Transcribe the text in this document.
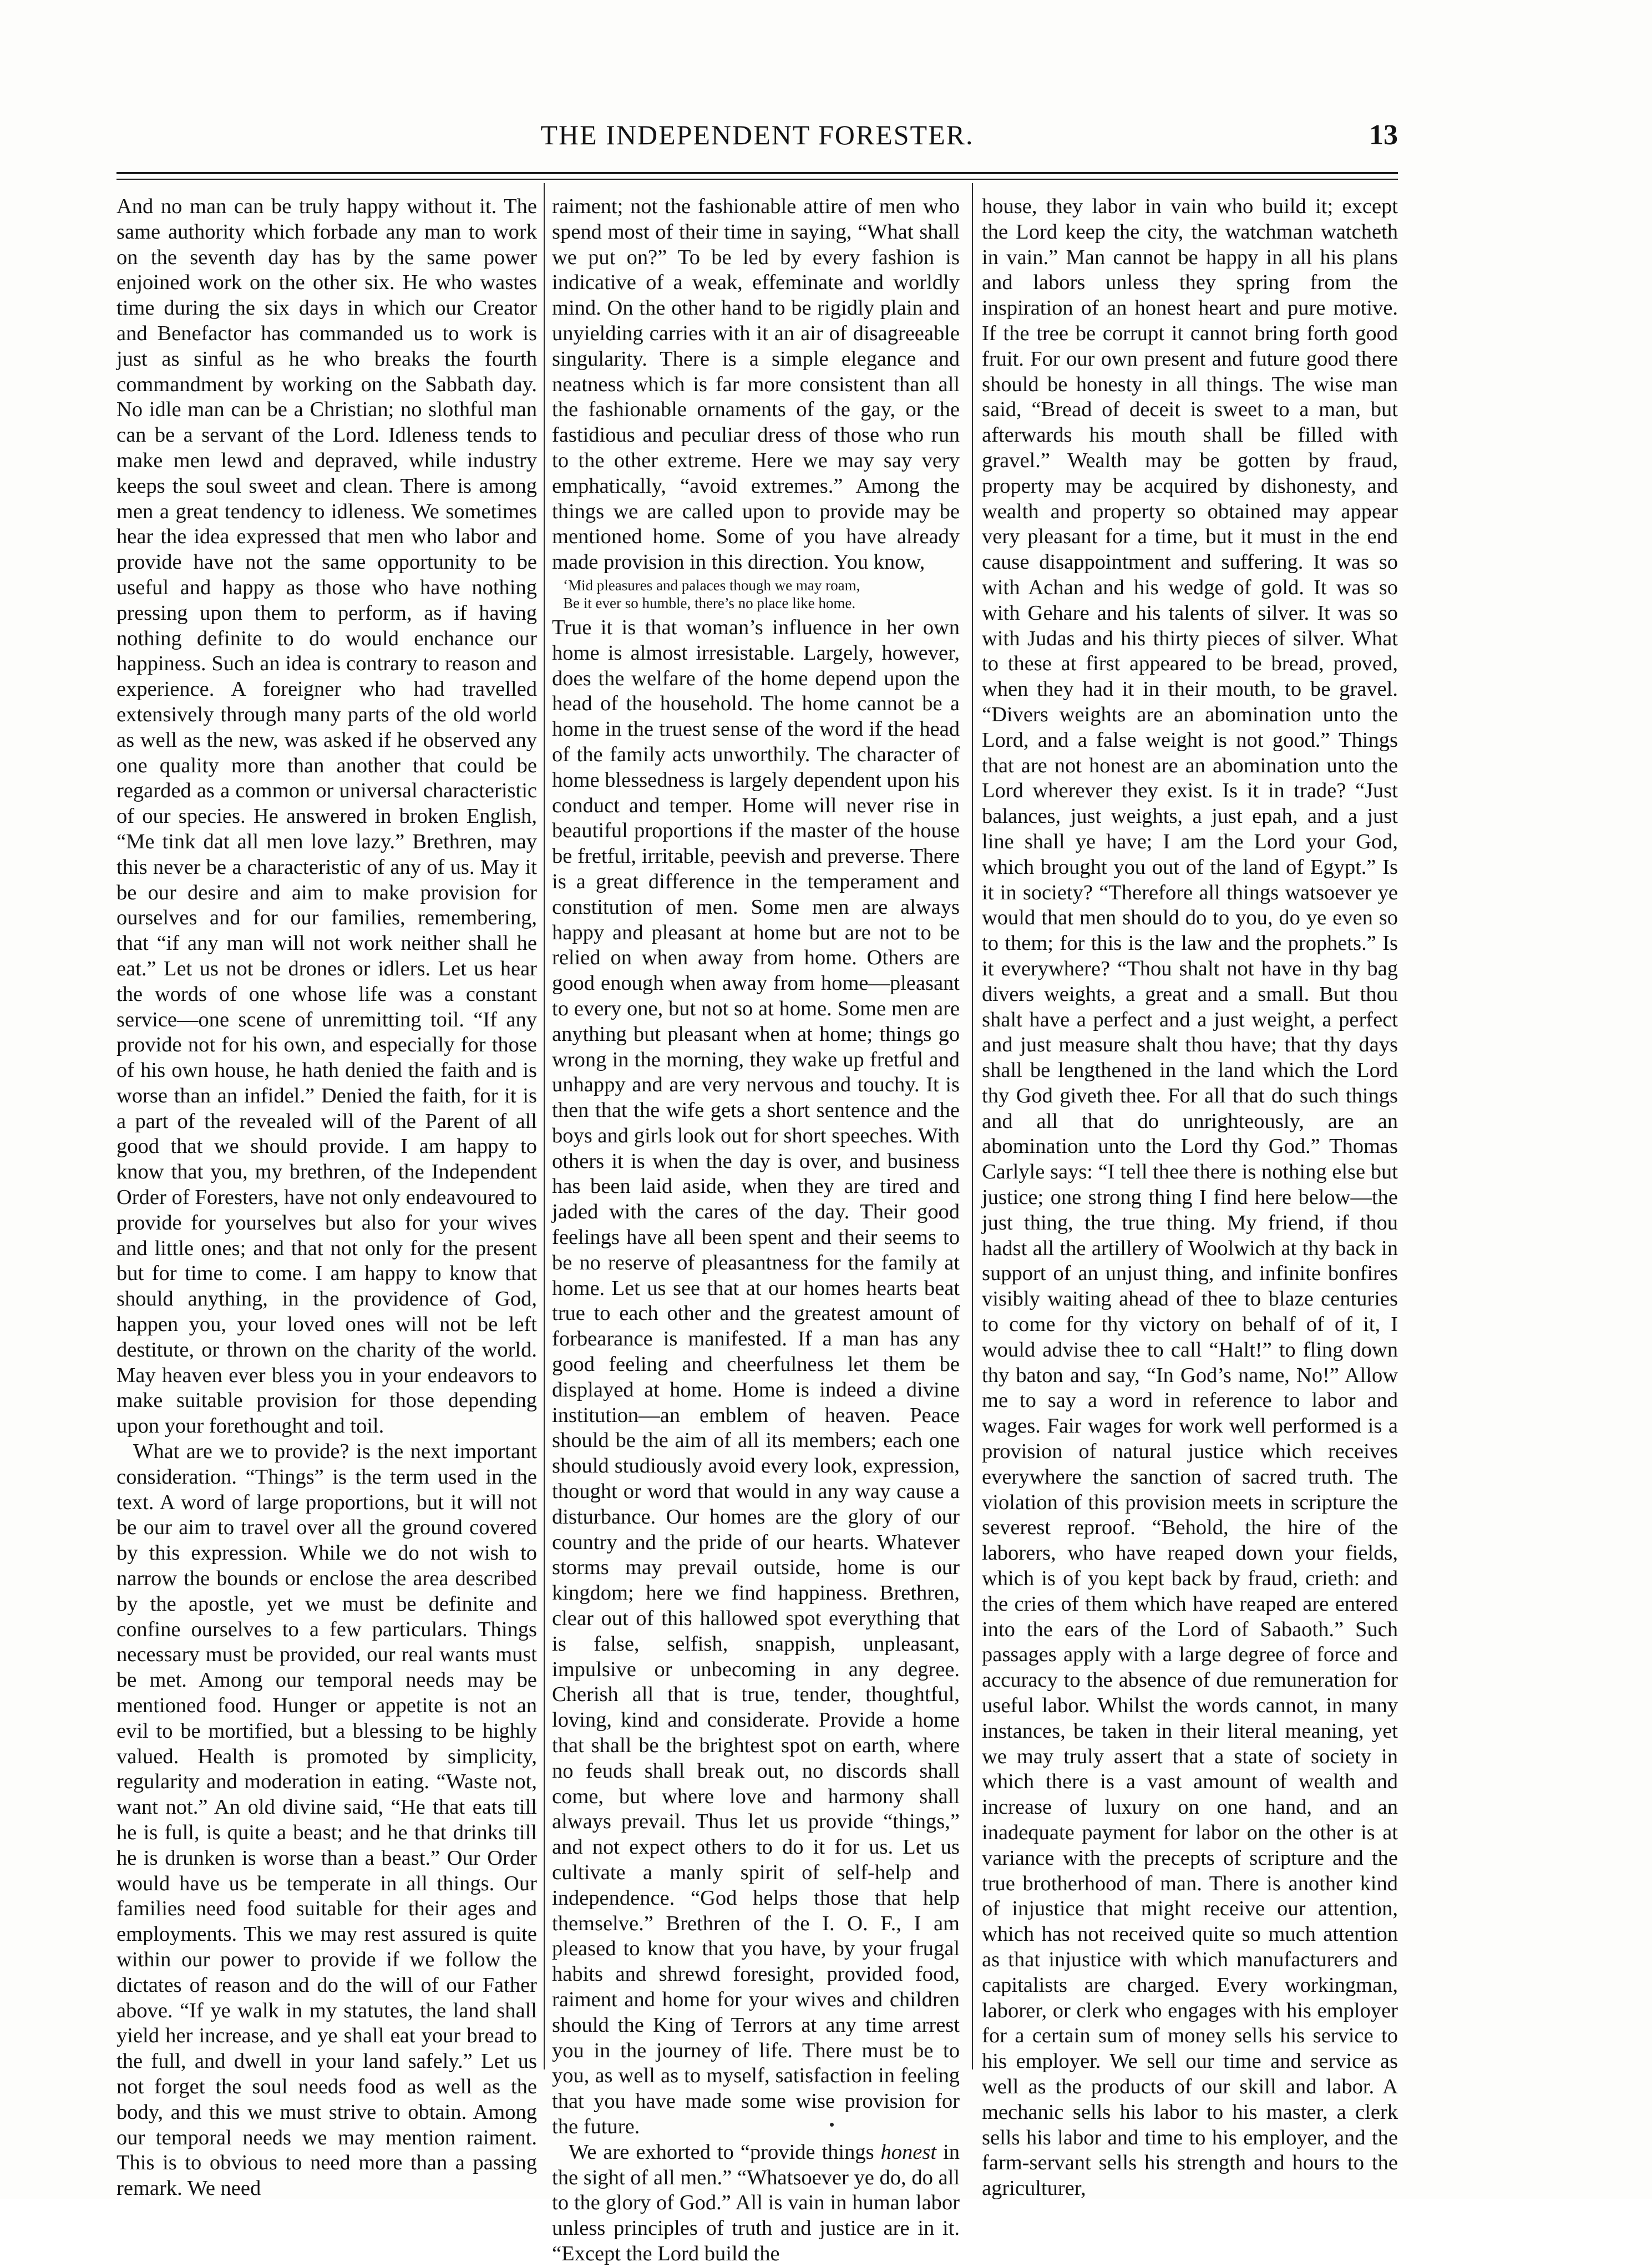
THE INDEPENDENT FORESTER.	13

And no man can be truly happy without it. The same authority which forbade any man to work on the seventh day has by the same power enjoined work on the other six. He who wastes time during the six days in which our Creator and Benefactor has commanded us to work is just as sinful as he who breaks the fourth commandment by working on the Sabbath day. No idle man can be a Christian; no slothful man can be a servant of the Lord. Idleness tends to make men lewd and depraved, while industry keeps the soul sweet and clean. There is among men a great tendency to idleness. We sometimes hear the idea expressed that men who labor and provide have not the same opportunity to be useful and happy as those who have nothing pressing upon them to perform, as if having nothing definite to do would enchance our happiness. Such an idea is contrary to reason and experience. A foreigner who had travelled extensively through many parts of the old world as well as the new, was asked if he observed any one quality more than another that could be regarded as a common or universal characteristic of our species. He answered in broken English, “Me tink dat all men love lazy.” Brethren, may this never be a characteristic of any of us. May it be our desire and aim to make provision for ourselves and for our families, remembering, that “if any man will not work neither shall he eat.” Let us not be drones or idlers. Let us hear the words of one whose life was a constant service—one scene of unremitting toil. “If any provide not for his own, and especially for those of his own house, he hath denied the faith and is worse than an infidel.” Denied the faith, for it is a part of the revealed will of the Parent of all good that we should provide. I am happy to know that you, my brethren, of the Independent Order of Foresters, have not only endeavoured to provide for yourselves but also for your wives and little ones; and that not only for the present but for time to come. I am happy to know that should anything, in the providence of God, happen you, your loved ones will not be left destitute, or thrown on the charity of the world. May heaven ever bless you in your endeavors to make suitable provision for those depending upon your forethought and toil.

What are we to provide? is the next important consideration. “Things” is the term used in the text. A word of large proportions, but it will not be our aim to travel over all the ground covered by this expression. While we do not wish to narrow the bounds or enclose the area described by the apostle, yet we must be definite and confine ourselves to a few particulars. Things necessary must be provided, our real wants must be met. Among our temporal needs may be mentioned food. Hunger or appetite is not an evil to be mortified, but a blessing to be highly valued. Health is promoted by simplicity, regularity and moderation in eating. “Waste not, want not.” An old divine said, “He that eats till he is full, is quite a beast; and he that drinks till he is drunken is worse than a beast.” Our Order would have us be temperate in all things. Our families need food suitable for their ages and employments. This we may rest assured is quite within our power to provide if we follow the dictates of reason and do the will of our Father above. “If ye walk in my statutes, the land shall yield her increase, and ye shall eat your bread to the full, and dwell in your land safely.” Let us not forget the soul needs food as well as the body, and this we must strive to obtain. Among our temporal needs we may mention raiment. This is to obvious to need more than a passing remark. We need

raiment; not the fashionable attire of men who spend most of their time in saying, “What shall we put on?” To be led by every fashion is indicative of a weak, effeminate and worldly mind. On the other hand to be rigidly plain and unyielding carries with it an air of disagreeable singularity. There is a simple elegance and neatness which is far more consistent than all the fashionable ornaments of the gay, or the fastidious and peculiar dress of those who run to the other extreme. Here we may say very emphatically, “avoid extremes.” Among the things we are called upon to provide may be mentioned home. Some of you have already made provision in this direction. You know,

‘Mid pleasures and palaces though we may roam,
Be it ever so humble, there’s no place like home.

True it is that woman’s influence in her own home is almost irresistable. Largely, however, does the welfare of the home depend upon the head of the household. The home cannot be a home in the truest sense of the word if the head of the family acts unworthily. The character of home blessedness is largely dependent upon his conduct and temper. Home will never rise in beautiful proportions if the master of the house be fretful, irritable, peevish and preverse. There is a great difference in the temperament and constitution of men. Some men are always happy and pleasant at home but are not to be relied on when away from home. Others are good enough when away from home—pleasant to every one, but not so at home. Some men are anything but pleasant when at home; things go wrong in the morning, they wake up fretful and unhappy and are very nervous and touchy. It is then that the wife gets a short sentence and the boys and girls look out for short speeches. With others it is when the day is over, and business has been laid aside, when they are tired and jaded with the cares of the day. Their good feelings have all been spent and their seems to be no reserve of pleasantness for the family at home. Let us see that at our homes hearts beat true to each other and the greatest amount of forbearance is manifested. If a man has any good feeling and cheerfulness let them be displayed at home. Home is indeed a divine institution—an emblem of heaven. Peace should be the aim of all its members; each one should studiously avoid every look, expression, thought or word that would in any way cause a disturbance. Our homes are the glory of our country and the pride of our hearts. Whatever storms may prevail outside, home is our kingdom; here we find happiness. Brethren, clear out of this hallowed spot everything that is false, selfish, snappish, unpleasant, impulsive or unbecoming in any degree. Cherish all that is true, tender, thoughtful, loving, kind and considerate. Provide a home that shall be the brightest spot on earth, where no feuds shall break out, no discords shall come, but where love and harmony shall always prevail. Thus let us provide “things,” and not expect others to do it for us. Let us cultivate a manly spirit of self-help and independence. “God helps those that help themselve.” Brethren of the I. O. F., I am pleased to know that you have, by your frugal habits and shrewd foresight, provided food, raiment and home for your wives and children should the King of Terrors at any time arrest you in the journey of life. There must be to you, as well as to myself, satisfaction in feeling that you have made some wise provision for the future.

We are exhorted to “provide things honest in the sight of all men.” “Whatsoever ye do, do all to the glory of God.” All is vain in human labor unless principles of truth and justice are in it. “Except the Lord build the

house, they labor in vain who build it; except the Lord keep the city, the watchman watcheth in vain.” Man cannot be happy in all his plans and labors unless they spring from the inspiration of an honest heart and pure motive. If the tree be corrupt it cannot bring forth good fruit. For our own present and future good there should be honesty in all things. The wise man said, “Bread of deceit is sweet to a man, but afterwards his mouth shall be filled with gravel.” Wealth may be gotten by fraud, property may be acquired by dishonesty, and wealth and property so obtained may appear very pleasant for a time, but it must in the end cause disappointment and suffering. It was so with Achan and his wedge of gold. It was so with Gehare and his talents of silver. It was so with Judas and his thirty pieces of silver. What to these at first appeared to be bread, proved, when they had it in their mouth, to be gravel. “Divers weights are an abomination unto the Lord, and a false weight is not good.” Things that are not honest are an abomination unto the Lord wherever they exist. Is it in trade? “Just balances, just weights, a just epah, and a just line shall ye have; I am the Lord your God, which brought you out of the land of Egypt.” Is it in society? “Therefore all things watsoever ye would that men should do to you, do ye even so to them; for this is the law and the prophets.” Is it everywhere? “Thou shalt not have in thy bag divers weights, a great and a small. But thou shalt have a perfect and a just weight, a perfect and just measure shalt thou have; that thy days shall be lengthened in the land which the Lord thy God giveth thee. For all that do such things and all that do unrighteously, are an abomination unto the Lord thy God.” Thomas Carlyle says: “I tell thee there is nothing else but justice; one strong thing I find here below—the just thing, the true thing. My friend, if thou hadst all the artillery of Woolwich at thy back in support of an unjust thing, and infinite bonfires visibly waiting ahead of thee to blaze centuries to come for thy victory on behalf of of it, I would advise thee to call “Halt!” to fling down thy baton and say, “In God’s name, No!” Allow me to say a word in reference to labor and wages. Fair wages for work well performed is a provision of natural justice which receives everywhere the sanction of sacred truth. The violation of this provision meets in scripture the severest reproof. “Behold, the hire of the laborers, who have reaped down your fields, which is of you kept back by fraud, crieth: and the cries of them which have reaped are entered into the ears of the Lord of Sabaoth.” Such passages apply with a large degree of force and accuracy to the absence of due remuneration for useful labor. Whilst the words cannot, in many instances, be taken in their literal meaning, yet we may truly assert that a state of society in which there is a vast amount of wealth and increase of luxury on one hand, and an inadequate payment for labor on the other is at variance with the precepts of scripture and the true brotherhood of man. There is another kind of injustice that might receive our attention, which has not received quite so much attention as that injustice with which manufacturers and capitalists are charged. Every workingman, laborer, or clerk who engages with his employer for a certain sum of money sells his service to his employer. We sell our time and service as well as the products of our skill and labor. A mechanic sells his labor to his master, a clerk sells his labor and time to his employer, and the farm-servant sells his strength and hours to the agriculturer,
